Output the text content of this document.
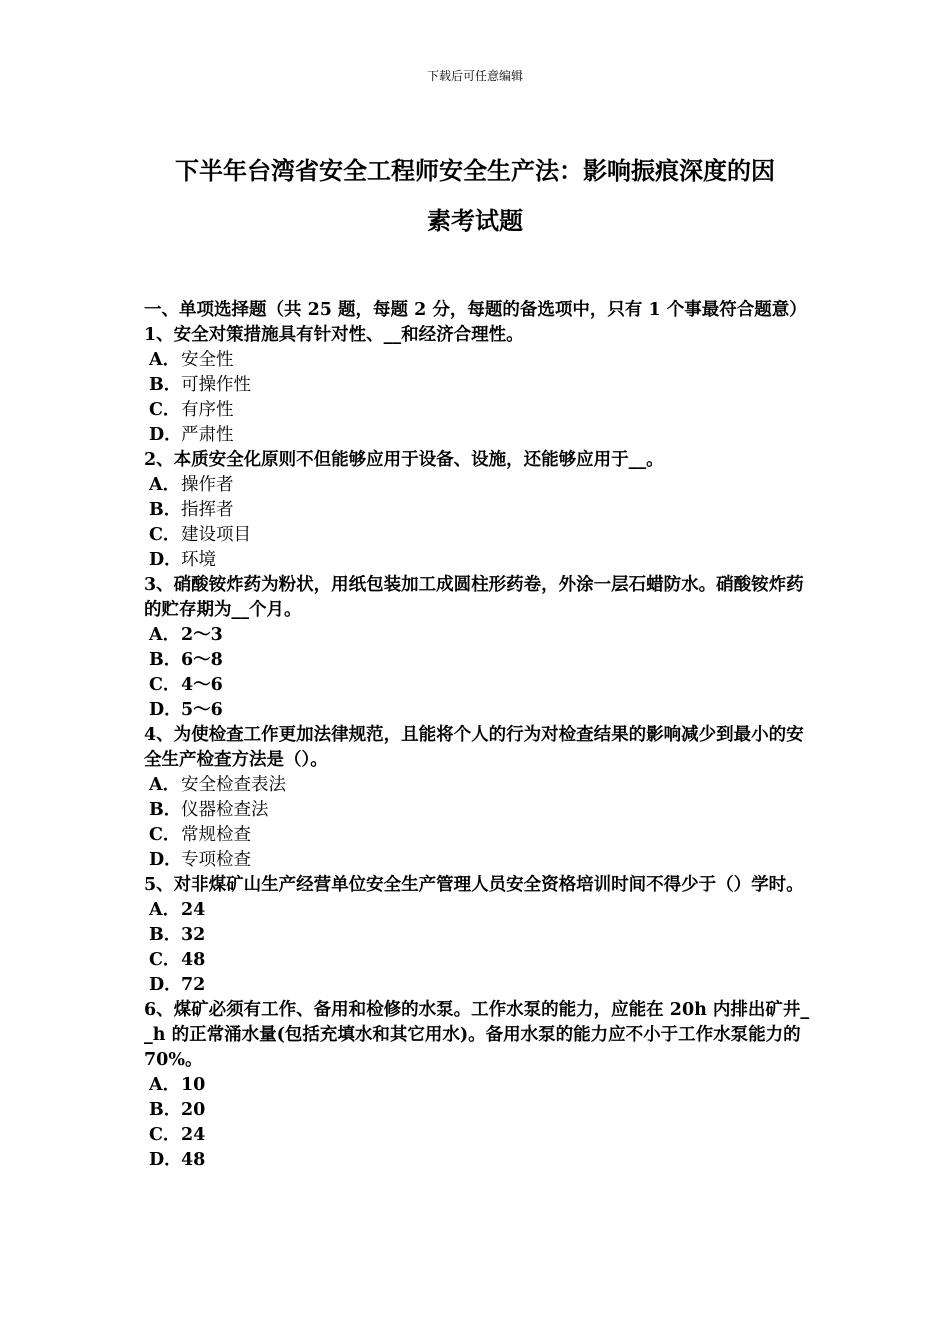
下载后可任意编辑
下半年台湾省安全工程师安全生产法：影响振痕深度的因
素考试题
一、单项选择题（共 25 题，每题 2 分，每题的备选项中，只有 1 个事最符合题意）
1、安全对策措施具有针对性、__和经济合理性。
A．安全性
B．可操作性
C．有序性
D．严肃性
2、本质安全化原则不但能够应用于设备、设施，还能够应用于__。
A．操作者
B．指挥者
C．建设项目
D．环境
3、硝酸铵炸药为粉状，用纸包装加工成圆柱形药卷，外涂一层石蜡防水。硝酸铵炸药的贮存期为__个月。
A．2～3
B．6～8
C．4～6
D．5～6
4、为使检查工作更加法律规范，且能将个人的行为对检查结果的影响减少到最小的安全生产检查方法是（）。
A．安全检查表法
B．仪器检查法
C．常规检查
D．专项检查
5、对非煤矿山生产经营单位安全生产管理人员安全资格培训时间不得少于（）学时。
A．24
B．32
C．48
D．72
6、煤矿必须有工作、备用和检修的水泵。工作水泵的能力，应能在 20h 内排出矿井__h 的正常涌水量(包括充填水和其它用水)。备用水泵的能力应不小于工作水泵能力的 70%。
A．10
B．20
C．24
D．48
